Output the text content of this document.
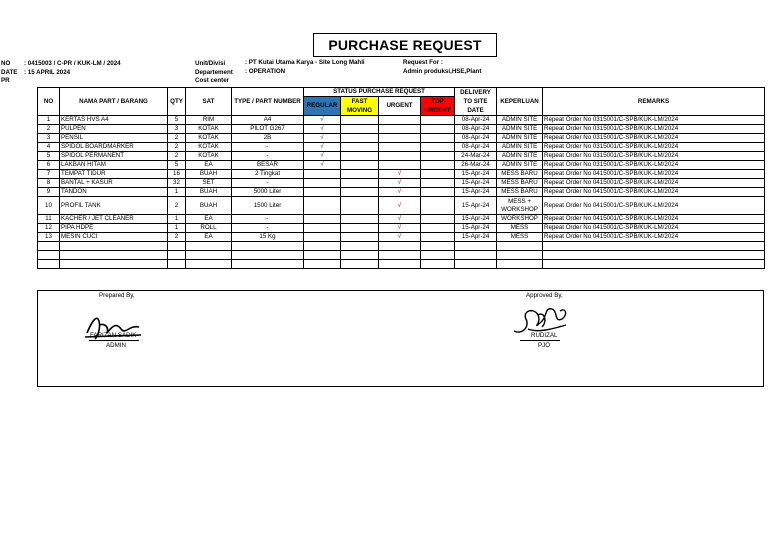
PURCHASE REQUEST
NO : 0415003 / C-PR / KUK-LM / 2024
DATE : 15 APRIL 2024
PR
Unit/Divisi	: PT Kutai Utama Karya - Site Long Mahli
Departement : OPERATION
Cost center
Request For :
Admin produksi,HSE,Plant
NO	NAMA PART / BARANG	QTY	SAT	TYPE / PART NUMBER	STATUS PURCHASE REQUEST				DELIVERY TO SITE DATE	KEPERLUAN	REMARKS
					REGULAR	FAST MOVING	URGENT	TOP URGENT			
1	KERTAS HVS A4	5	RIM	A4	√				08-Apr-24	ADMIN SITE	Repeat Order No 0315001/C-SPB/KUK-LM/2024
2	PULPEN	3	KOTAK	PILOT G267	√				08-Apr-24	ADMIN SITE	Repeat Order No 0315001/C-SPB/KUK-LM/2024
3	PENSIL	2	KOTAK	2B	√				08-Apr-24	ADMIN SITE	Repeat Order No 0315001/C-SPB/KUK-LM/2024
4	SPIDOL BOARDMARKER	2	KOTAK	-	√				08-Apr-24	ADMIN SITE	Repeat Order No 0315001/C-SPB/KUK-LM/2024
5	SPIDOL PERMANENT	2	KOTAK	-	√				24-Mar-24	ADMIN SITE	Repeat Order No 0315001/C-SPB/KUK-LM/2024
6	LAKBAN HITAM	5	EA	BESAR	√				26-Mar-24	ADMIN SITE	Repeat Order No 0315001/C-SPB/KUK-LM/2024
7	TEMPAT TIDUR	16	BUAH	2 Tingkat			√		15-Apr-24	MESS BARU	Repeat Order No 0415001/C-SPB/KUK-LM/2024
8	BANTAL + KASUR	32	SET	-			√		15-Apr-24	MESS BARU	Repeat Order No 0415001/C-SPB/KUK-LM/2024
9	TANDON	1	BUAH	5000 Liter			√		15-Apr-24	MESS BARU	Repeat Order No 0415001/C-SPB/KUK-LM/2024
10	PROFIL TANK	2	BUAH	1500 Liter			√		15-Apr-24	MESS + WORKSHOP	Repeat Order No 0415001/C-SPB/KUK-LM/2024
11	KACHER / JET CLEANER	1	EA	-			√		15-Apr-24	WORKSHOP	Repeat Order No 0415001/C-SPB/KUK-LM/2024
12	PIPA HDPE	1	ROLL	-			√		15-Apr-24	MESS	Repeat Order No 0415001/C-SPB/KUK-LM/2024
13	MESIN CUCI	2	EA	15 Kg			√		15-Apr-24	MESS	Repeat Order No 0415001/C-SPB/KUK-LM/2024

Prepared By,
FARIZAN SADIK
ADMIN
Approved By,
RUDIZAL
PJO
